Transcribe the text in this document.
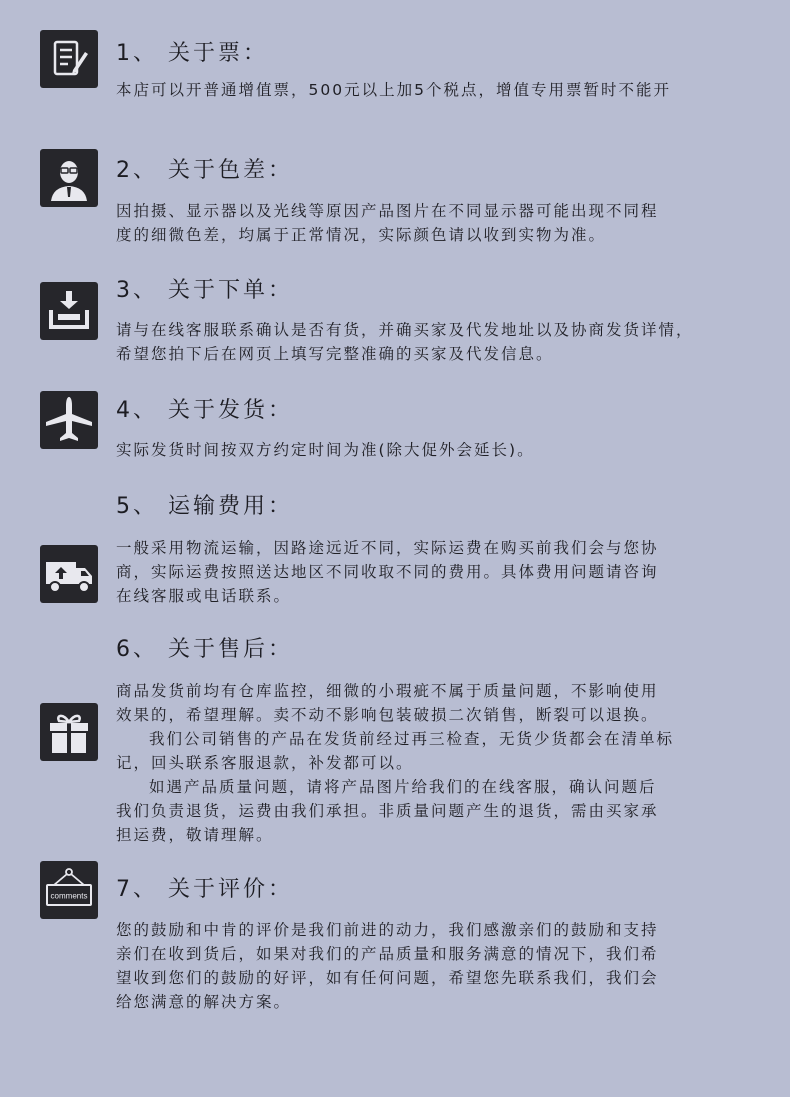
1、 关于票：
本店可以开普通增值票，500元以上加5个税点，增值专用票暂时不能开
2、 关于色差：
因拍摄、显示器以及光线等原因产品图片在不同显示器可能出现不同程
度的细微色差，均属于正常情况，实际颜色请以收到实物为准。
3、 关于下单：
请与在线客服联系确认是否有货，并确买家及代发地址以及协商发货详情，
希望您拍下后在网页上填写完整准确的买家及代发信息。
4、 关于发货：
实际发货时间按双方约定时间为准(除大促外会延长)。
5、 运输费用：
一般采用物流运输，因路途远近不同，实际运费在购买前我们会与您协
商，实际运费按照送达地区不同收取不同的费用。具体费用问题请咨询
在线客服或电话联系。
6、 关于售后：
商品发货前均有仓库监控，细微的小瑕疵不属于质量问题，不影响使用
效果的，希望理解。卖不动不影响包装破损二次销售，断裂可以退换。
我们公司销售的产品在发货前经过再三检查，无货少货都会在清单标
记，回头联系客服退款，补发都可以。
如遇产品质量问题，请将产品图片给我们的在线客服，确认问题后
我们负责退货，运费由我们承担。非质量问题产生的退货，需由买家承
担运费，敬请理解。
comments 7、 关于评价：
您的鼓励和中肯的评价是我们前进的动力，我们感激亲们的鼓励和支持
亲们在收到货后，如果对我们的产品质量和服务满意的情况下，我们希
望收到您们的鼓励的好评，如有任何问题，希望您先联系我们，我们会
给您满意的解决方案。
